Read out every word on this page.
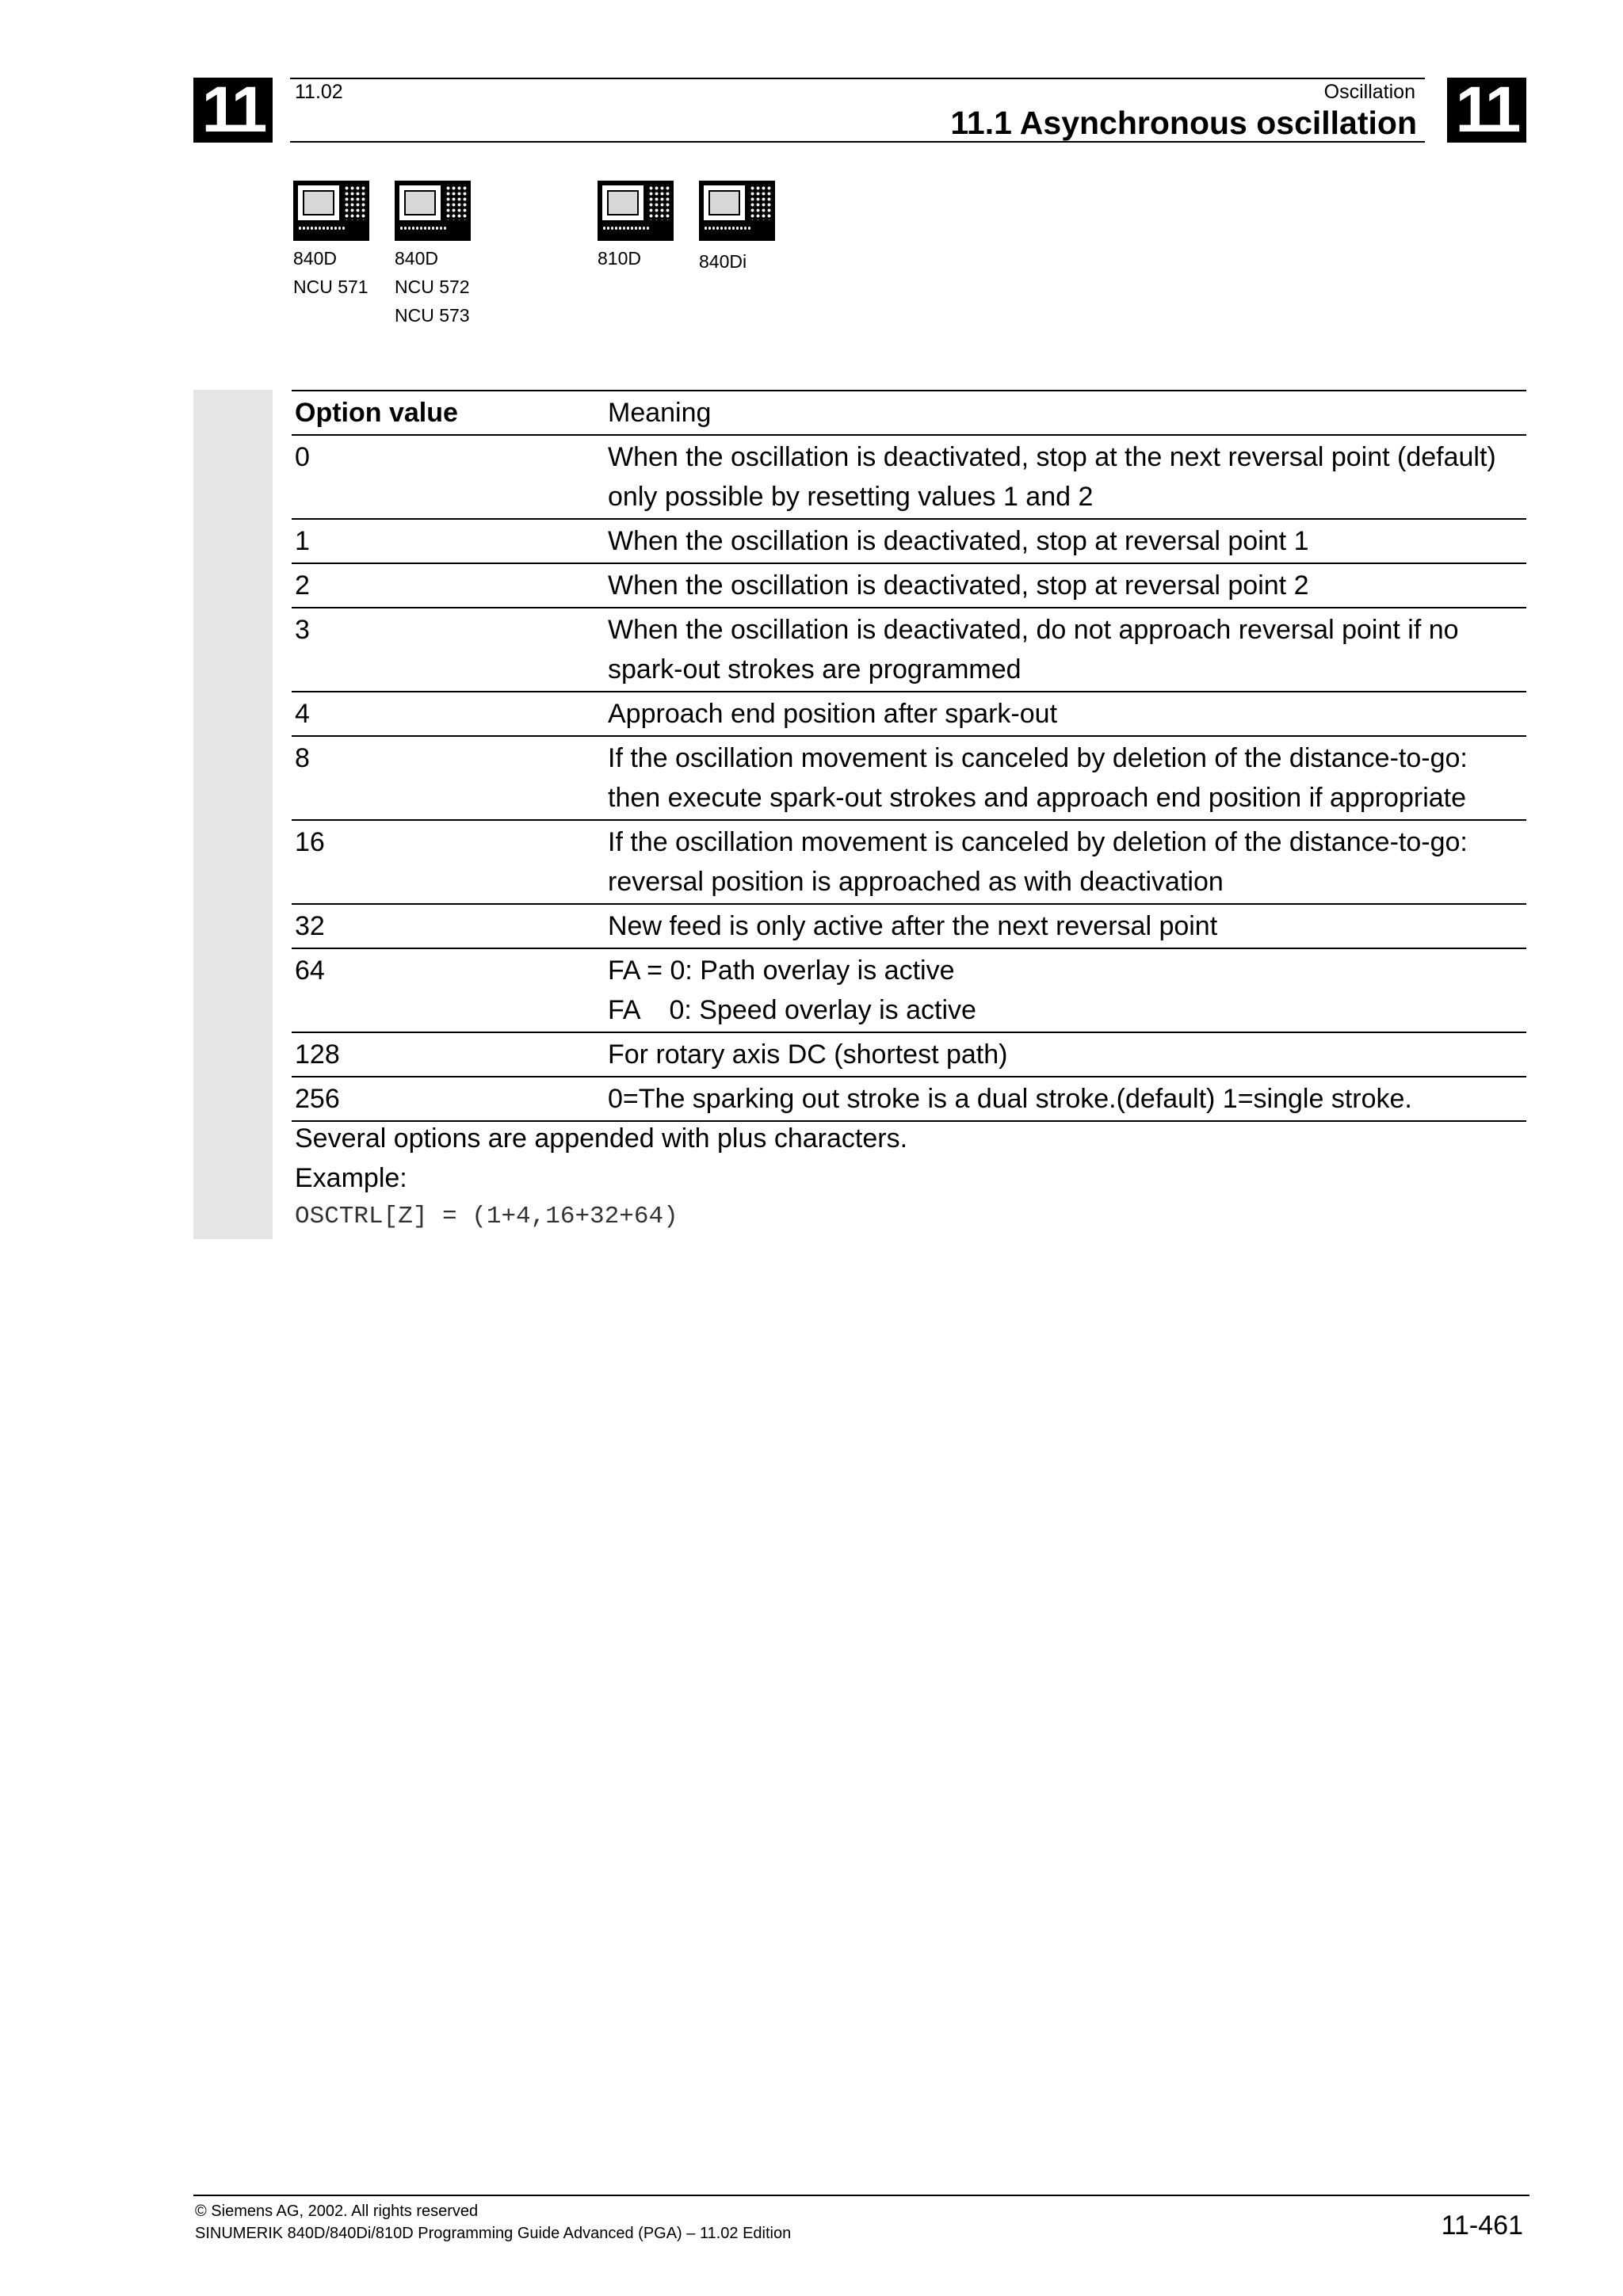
11	11
11.02	Oscillation
11.1 Asynchronous oscillation
840D
NCU 571
840D
NCU 572
NCU 573
810D	840Di
Option value	Meaning
0	When the oscillation is deactivated, stop at the next reversal point (default)
only possible by resetting values 1 and 2

1	When the oscillation is deactivated, stop at reversal point 1

2	When the oscillation is deactivated, stop at reversal point 2

3	When the oscillation is deactivated, do not approach reversal point if no
spark-out strokes are programmed

4	Approach end position after spark-out

8	If the oscillation movement is canceled by deletion of the distance-to-go:
then execute spark-out strokes and approach end position if appropriate

16	If the oscillation movement is canceled by deletion of the distance-to-go:
reversal position is approached as with deactivation

32	New feed is only active after the next reversal point

64	FA = 0: Path overlay is active
FA    0: Speed overlay is active

128	For rotary axis DC (shortest path)

256	0=The sparking out stroke is a dual stroke.(default) 1=single stroke.
Several options are appended with plus characters.
Example:
OSCTRL[Z] = (1+4,16+32+64)
© Siemens AG, 2002. All rights reserved
SINUMERIK 840D/840Di/810D Programming Guide Advanced (PGA) – 11.02 Edition	11-461
